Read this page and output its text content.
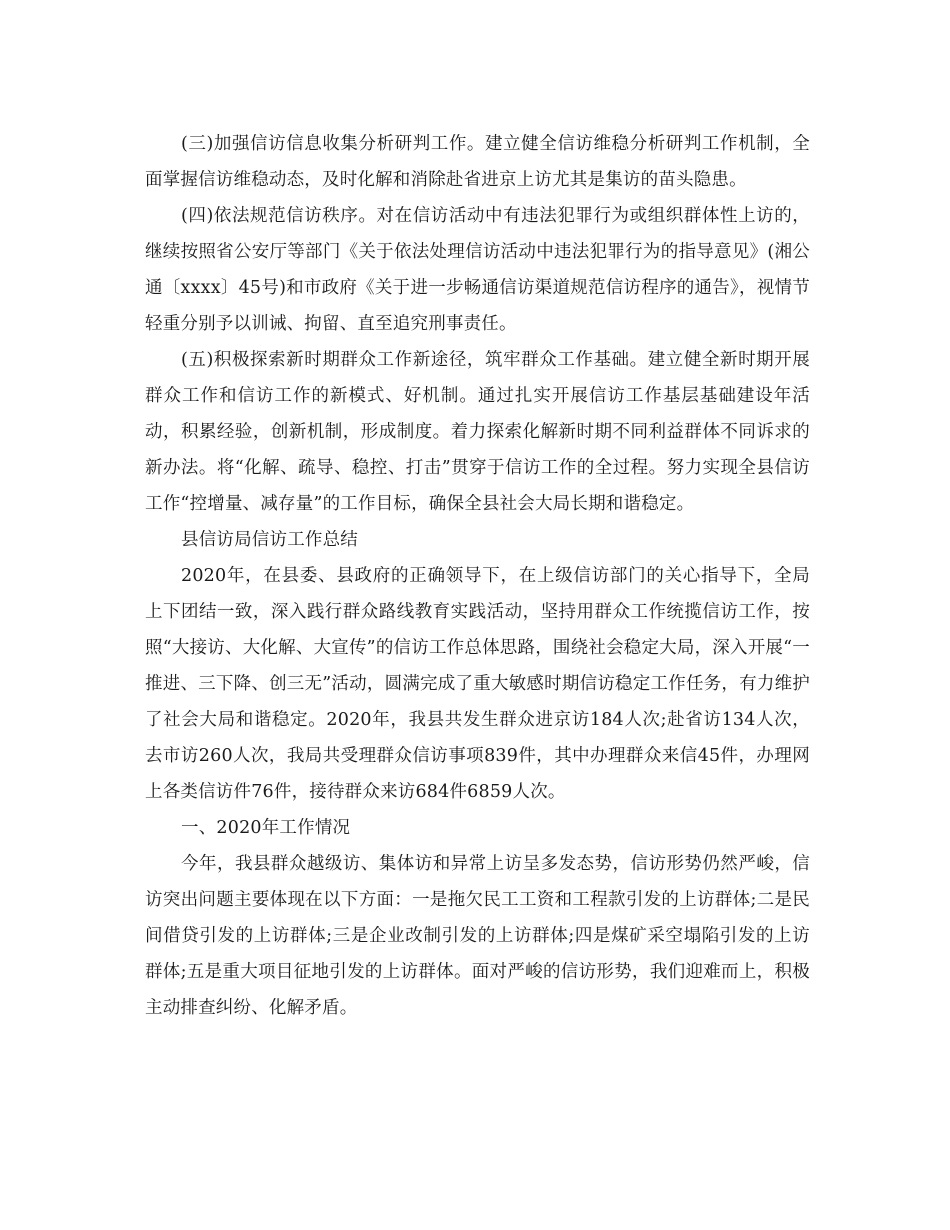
(三)加强信访信息收集分析研判工作。建立健全信访维稳分析研判工作机制，全面掌握信访维稳动态，及时化解和消除赴省进京上访尤其是集访的苗头隐患。

(四)依法规范信访秩序。对在信访活动中有违法犯罪行为或组织群体性上访的，继续按照省公安厅等部门《关于依法处理信访活动中违法犯罪行为的指导意见》(湘公通〔xxxx〕45号)和市政府《关于进一步畅通信访渠道规范信访程序的通告》，视情节轻重分别予以训诫、拘留、直至追究刑事责任。

(五)积极探索新时期群众工作新途径，筑牢群众工作基础。建立健全新时期开展群众工作和信访工作的新模式、好机制。通过扎实开展信访工作基层基础建设年活动，积累经验，创新机制，形成制度。着力探索化解新时期不同利益群体不同诉求的新办法。将“化解、疏导、稳控、打击”贯穿于信访工作的全过程。努力实现全县信访工作“控增量、减存量”的工作目标，确保全县社会大局长期和谐稳定。

县信访局信访工作总结

2020年，在县委、县政府的正确领导下，在上级信访部门的关心指导下，全局上下团结一致，深入践行群众路线教育实践活动，坚持用群众工作统揽信访工作，按照“大接访、大化解、大宣传”的信访工作总体思路，围绕社会稳定大局，深入开展“一推进、三下降、创三无”活动，圆满完成了重大敏感时期信访稳定工作任务，有力维护了社会大局和谐稳定。2020年，我县共发生群众进京访184人次;赴省访134人次，去市访260人次，我局共受理群众信访事项839件，其中办理群众来信45件，办理网上各类信访件76件，接待群众来访684件6859人次。

一、2020年工作情况

今年，我县群众越级访、集体访和异常上访呈多发态势，信访形势仍然严峻，信访突出问题主要体现在以下方面：一是拖欠民工工资和工程款引发的上访群体;二是民间借贷引发的上访群体;三是企业改制引发的上访群体;四是煤矿采空塌陷引发的上访群体;五是重大项目征地引发的上访群体。面对严峻的信访形势，我们迎难而上，积极主动排查纠纷、化解矛盾。
